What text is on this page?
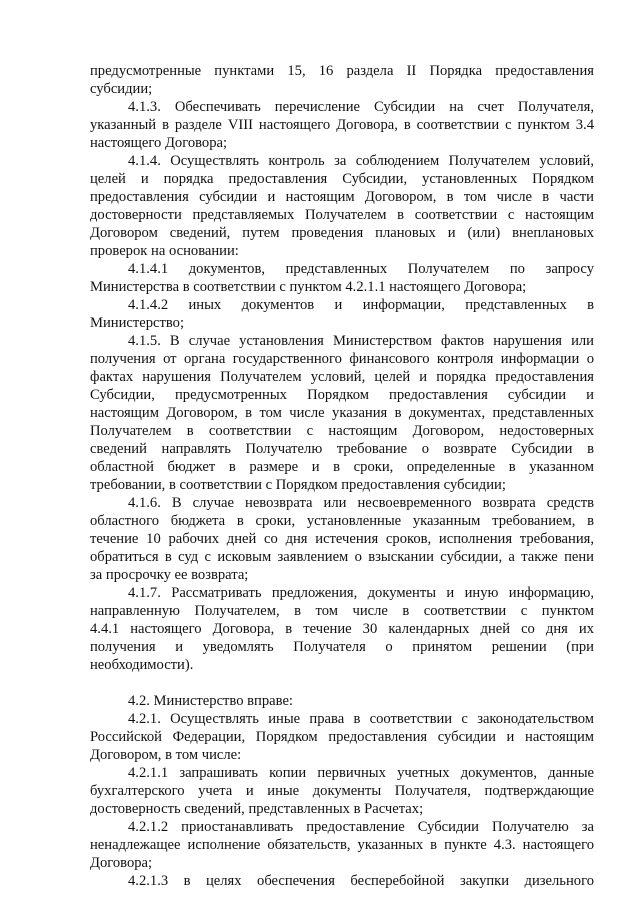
предусмотренные пунктами 15, 16 раздела II Порядка предоставления
субсидии;
4.1.3. Обеспечивать перечисление Субсидии на счет Получателя,
указанный в разделе VIII настоящего Договора, в соответствии с пунктом 3.4
настоящего Договора;
4.1.4. Осуществлять контроль за соблюдением Получателем условий,
целей и порядка предоставления Субсидии, установленных Порядком
предоставления субсидии и настоящим Договором, в том числе в части
достоверности представляемых Получателем в соответствии с настоящим
Договором сведений, путем проведения плановых и (или) внеплановых
проверок на основании:
4.1.4.1 документов, представленных Получателем по запросу
Министерства в соответствии с пунктом 4.2.1.1 настоящего Договора;
4.1.4.2 иных документов и информации, представленных в
Министерство;
4.1.5. В случае установления Министерством фактов нарушения или
получения от органа государственного финансового контроля информации о
фактах нарушения Получателем условий, целей и порядка предоставления
Субсидии, предусмотренных Порядком предоставления субсидии и
настоящим Договором, в том числе указания в документах, представленных
Получателем в соответствии с настоящим Договором, недостоверных
сведений направлять Получателю требование о возврате Субсидии в
областной бюджет в размере и в сроки, определенные в указанном
требовании, в соответствии с Порядком предоставления субсидии;
4.1.6. В случае невозврата или несвоевременного возврата средств
областного бюджета в сроки, установленные указанным требованием, в
течение 10 рабочих дней со дня истечения сроков, исполнения требования,
обратиться в суд с исковым заявлением о взыскании субсидии, а также пени
за просрочку ее возврата;
4.1.7. Рассматривать предложения, документы и иную информацию,
направленную Получателем, в том числе в соответствии с пунктом
4.4.1 настоящего Договора, в течение 30 календарных дней со дня их
получения и уведомлять Получателя о принятом решении (при
необходимости).
4.2. Министерство вправе:
4.2.1. Осуществлять иные права в соответствии с законодательством
Российской Федерации, Порядком предоставления субсидии и настоящим
Договором, в том числе:
4.2.1.1 запрашивать копии первичных учетных документов, данные
бухгалтерского учета и иные документы Получателя, подтверждающие
достоверность сведений, представленных в Расчетах;
4.2.1.2 приостанавливать предоставление Субсидии Получателю за
ненадлежащее исполнение обязательств, указанных в пункте 4.3. настоящего
Договора;
4.2.1.3 в целях обеспечения бесперебойной закупки дизельного
